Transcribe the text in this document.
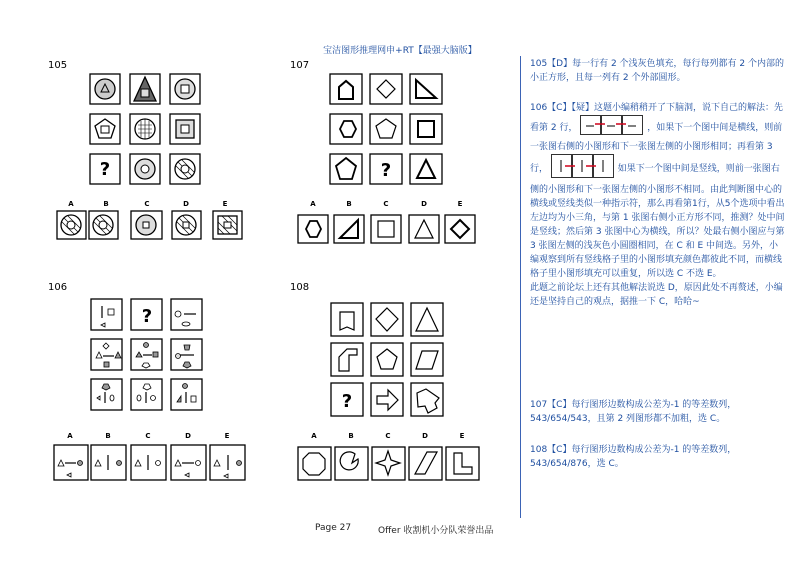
宝洁图形推理网申+RT【最强大脑版】
105
?
A	B	C	D	E
?
A	B	C	D	E
?
A	B	C	D	E
?
A	B	C	D	E
107
106	108

105【D】每一行有 2 个浅灰色填充，每行每列都有 2 个内部的小正方形，且每一列有 2 个外部圆形。

106【C】【疑】这题小编稍稍开了下脑洞，说下自己的解法：先看第 2 行，	，如果下一个图中间是横线，则前一张图右侧的小图形和下一张图左侧的小图形相同；再看第 3 行，	如果下一个图中间是竖线，则前一张图右侧的小图形和下一张图左侧的小图形不相同。由此判断图中心的横线或竖线类似一种指示符，那么再看第1行，从5个选项中看出左边均为小三角，与第 1 张图右侧小正方形不同，推测？处中间是竖线；然后第 3 张图中心为横线，所以？处最右侧小图应与第 3 张图左侧的浅灰色小圆圈相同，在 C 和 E 中间选。另外，小编观察到所有竖线格子里的小图形填充颜色都彼此不同，而横线格子里小图形填充可以重复，所以选 C 不选 E。

此题之前论坛上还有其他解法说选 D，原因此处不再赘述，小编还是坚持自己的观点，据推一下 C，哈哈~

107【C】每行图形边数构成公差为-1 的等差数列，543/654/543，且第 2 列图形都不加粗，选 C。

108【C】每行图形边数构成公差为-1 的等差数列，543/654/876，选 C。

Page 27	Offer 收割机小分队荣誉出品
